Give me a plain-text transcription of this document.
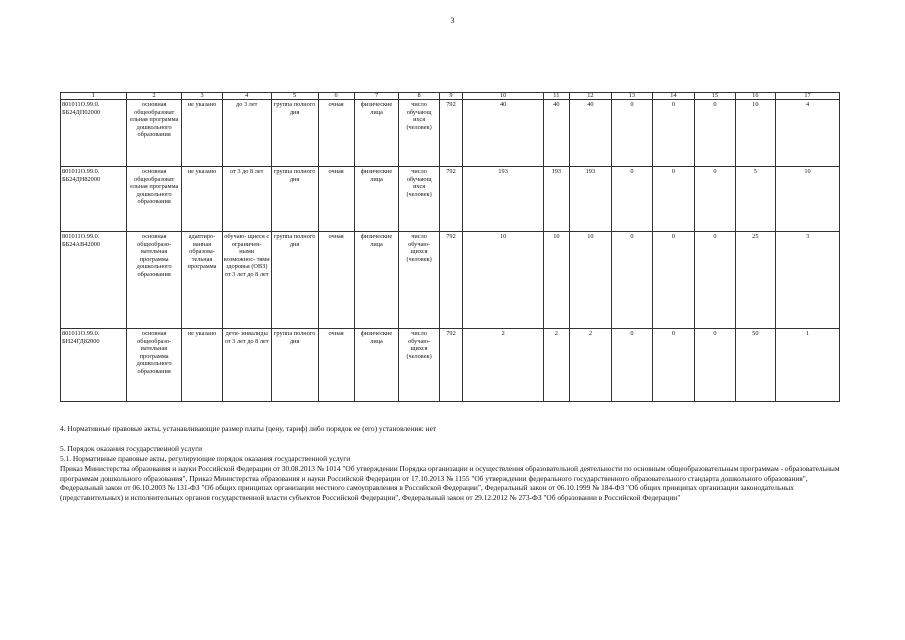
3
1	2	3	4	5	6	7	8	9	10	11	12	13	14	15	16	17
801011О.99.0.
ББ24ДП02000	основная общеобразоват ельная программа дошкольного образования	не указано	до 3 лет	группа полного дня	очная	физические лица	число обучающ ихся (человек)	792	40	40	40	0	0	0	10	4
801011О.99.0.
ББ24ДН82000	основная общеобразоват ельная программа дошкольного образования	не указано	от 3 до 8 лет	группа полного дня	очная	физические лица	число обучающ ихся (человек)	792	193	193	193	0	0	0	5	10
801011О.99.0.
ББ24АВ42000	основная общеобразо- вательная программа дошкольного образования	адаптиро- ванная образова- тельная программа	обучаю- щиеся с ограничен- ными возможнос- тями здоровья (ОВЗ) от 3 лет до 8 лет	группа полного дня	очная	физические лица	число обучаю- щихся (человек)	792	10	10	10	0	0	0	25	3
801011О.99.0.
БН24ГД82000	основная общеобразо- вательная программа дошкольного образования	не указано	дети- инвалиды от 3 лет до 8 лет	группа полного дня	очная	физические лица	число обучаю- щихся (человек)	792	2	2	2	0	0	0	50	1
4. Нормативные правовые акты, устанавливающие размер платы (цену, тариф) либо порядок ее (его) установления: нет
5. Порядок оказания государственной услуги
5.1. Нормативные правовые акты, регулирующие порядок оказания государственной услуги
Приказ Министерства образования и науки Российской Федерации от 30.08.2013 № 1014 "Об утверждении Порядка организации и осуществления образовательной деятельности по основным общеобразовательным программам - образовательным программам дошкольного образования", Приказ Министерства образования и науки Российской Федерации от 17.10.2013 № 1155 "Об утверждении федерального государственного образовательного стандарта дошкольного образования", Федеральный закон от 06.10.2003 № 131-ФЗ "Об общих принципах организации местного самоуправления в Российской Федерации", Федеральный закон от 06.10.1999 № 184-ФЗ "Об общих принципах организации законодательных (представительных) и исполнительных органов государственной власти субъектов Российской Федерации", Федеральный закон от 29.12.2012 № 273-ФЗ "Об образовании в Российской Федерации"
